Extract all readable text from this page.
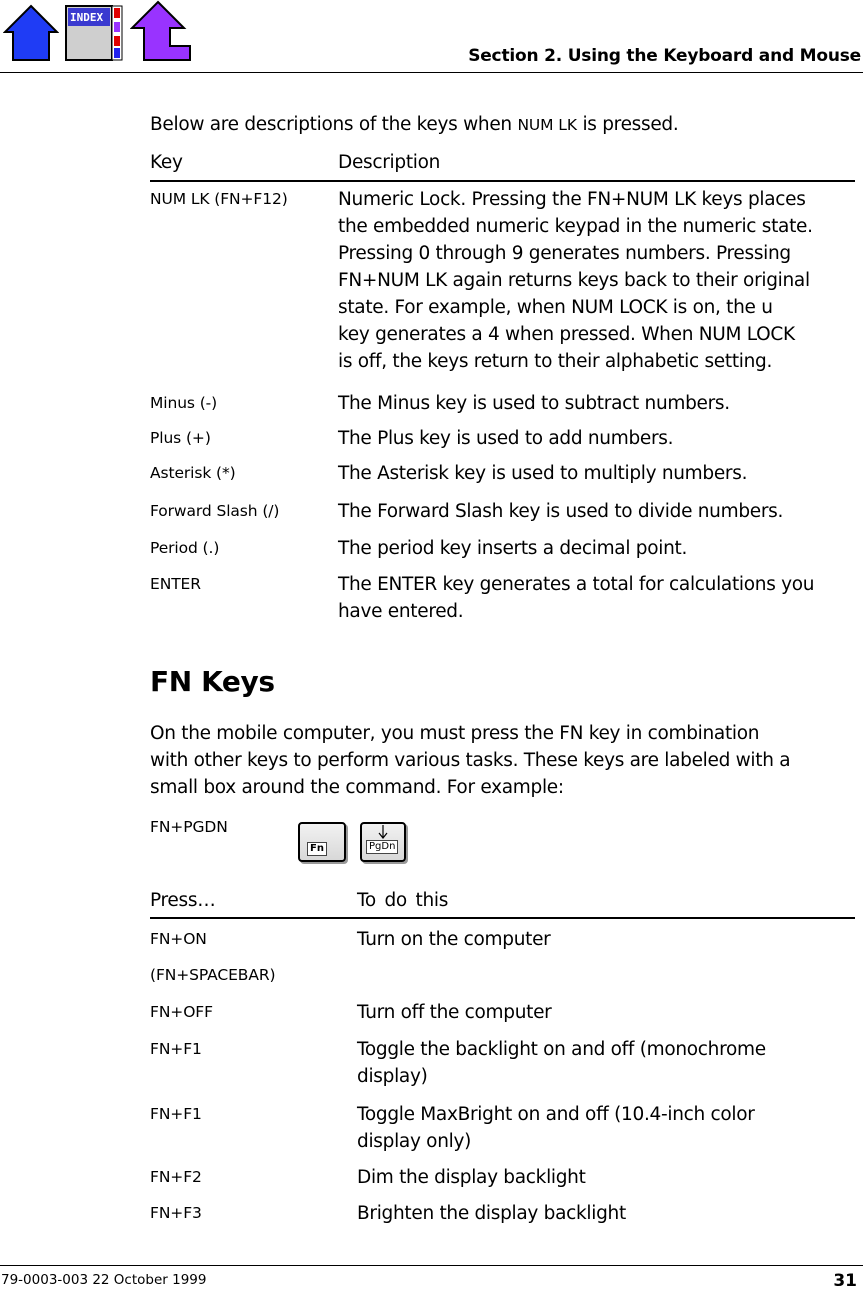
INDEX
Section 2. Using the Keyboard and Mouse
Below are descriptions of the keys when NUM LK is pressed.
Key	Description
NUM LK (FN+F12)	Numeric Lock. Pressing the FN+NUM LK keys places
the embedded numeric keypad in the numeric state.
Pressing 0 through 9 generates numbers. Pressing
FN+NUM LK again returns keys back to their original
state. For example, when NUM LOCK is on, the u
key generates a 4 when pressed. When NUM LOCK
is off, the keys return to their alphabetic setting.
Minus (-)	The Minus key is used to subtract numbers.
Plus (+)	The Plus key is used to add numbers.
Asterisk (*)	The Asterisk key is used to multiply numbers.
Forward Slash (/)	The Forward Slash key is used to divide numbers.
Period (.)	The period key inserts a decimal point.
ENTER	The ENTER key generates a total for calculations you
have entered.
FN Keys
On the mobile computer, you must press the FN key in combination
with other keys to perform various tasks. These keys are labeled with a
small box around the command. For example:
FN+PGDN
Fn	PgDn
Press…	To do this
FN+ON	Turn on the computer
(FN+SPACEBAR)
FN+OFF	Turn off the computer
FN+F1	Toggle the backlight on and off (monochrome
display)
FN+F1	Toggle MaxBright on and off (10.4-inch color
display only)
FN+F2	Dim the display backlight
FN+F3	Brighten the display backlight
79-0003-003 22 October 1999	31
